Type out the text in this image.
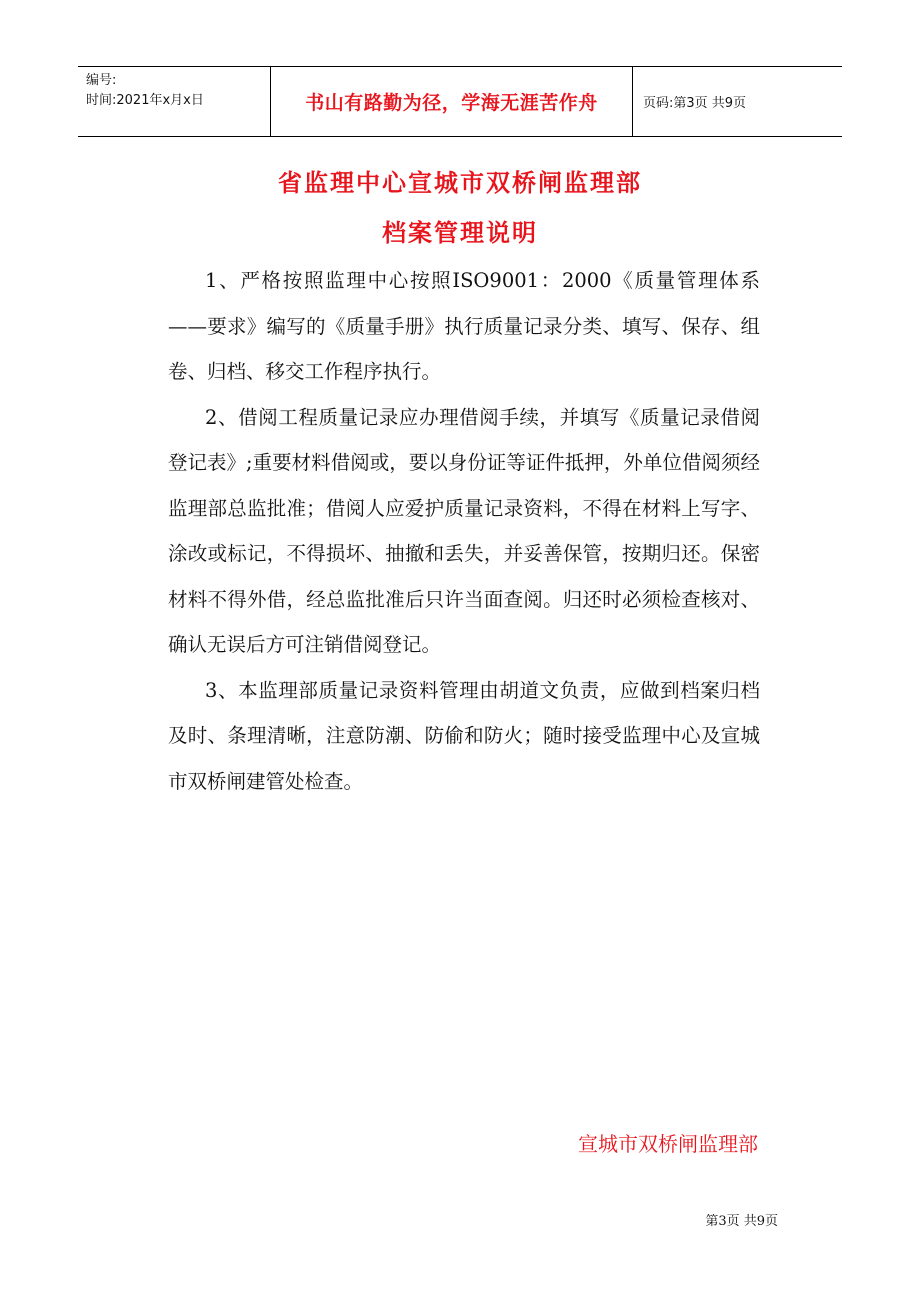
编号:
时间:2021年x月x日	书山有路勤为径，学海无涯苦作舟	页码:第3页 共9页
省监理中心宣城市双桥闸监理部
档案管理说明

1、严格按照监理中心按照ISO9001：2000《质量管理体系——要求》编写的《质量手册》执行质量记录分类、填写、保存、组卷、归档、移交工作程序执行。

2、借阅工程质量记录应办理借阅手续，并填写《质量记录借阅登记表》;重要材料借阅或，要以身份证等证件抵押，外单位借阅须经监理部总监批准；借阅人应爱护质量记录资料，不得在材料上写字、涂改或标记，不得损坏、抽撤和丢失，并妥善保管，按期归还。保密材料不得外借，经总监批准后只许当面查阅。归还时必须检查核对、确认无误后方可注销借阅登记。

3、本监理部质量记录资料管理由胡道文负责，应做到档案归档及时、条理清晰，注意防潮、防偷和防火；随时接受监理中心及宣城市双桥闸建管处检查。

宣城市双桥闸监理部
第3页 共9页
